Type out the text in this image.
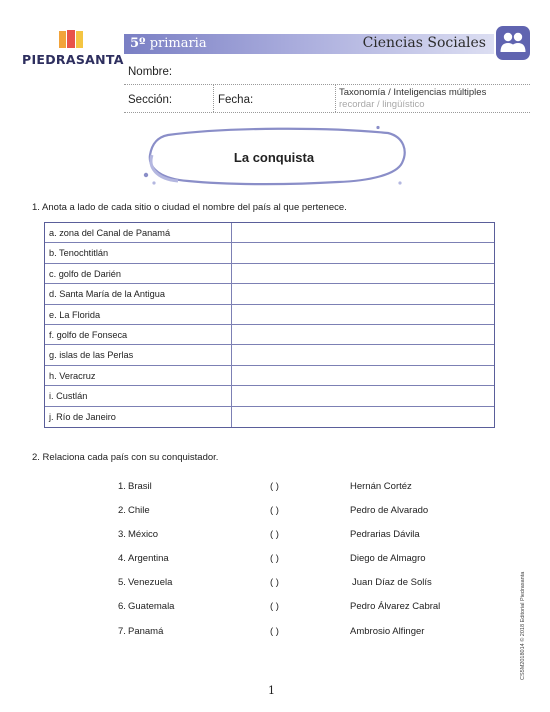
PIEDRASANTA
5º primaria	Ciencias Sociales
Nombre:
Sección:	Fecha:
Taxonomía / Inteligencias múltiples
recordar / lingüístico
La conquista
1. Anota a lado de cada sitio o ciudad el nombre del país al que pertenece.
a. zona del Canal de Panamá
b. Tenochtitlán
c. golfo de Darién
d. Santa María de la Antigua
e. La Florida
f. golfo de Fonseca
g. islas de las Perlas
h. Veracruz
i. Custlán
j. Río de Janeiro
2. Relaciona cada país con su conquistador.
1. Brasil	( )	Hernán Cortéz
2. Chile	( )	Pedro de Alvarado
3. México	( )	Pedrarias Dávila
4. Argentina	( )	Diego de Almagro
5. Venezuela	( )	Juan Díaz de Solís
6. Guatemala	( )	Pedro Álvarez Cabral
7. Panamá	( )	Ambrosio Alfinger
1
CS5M2018014 © 2018 Editorial Piedrasanta
